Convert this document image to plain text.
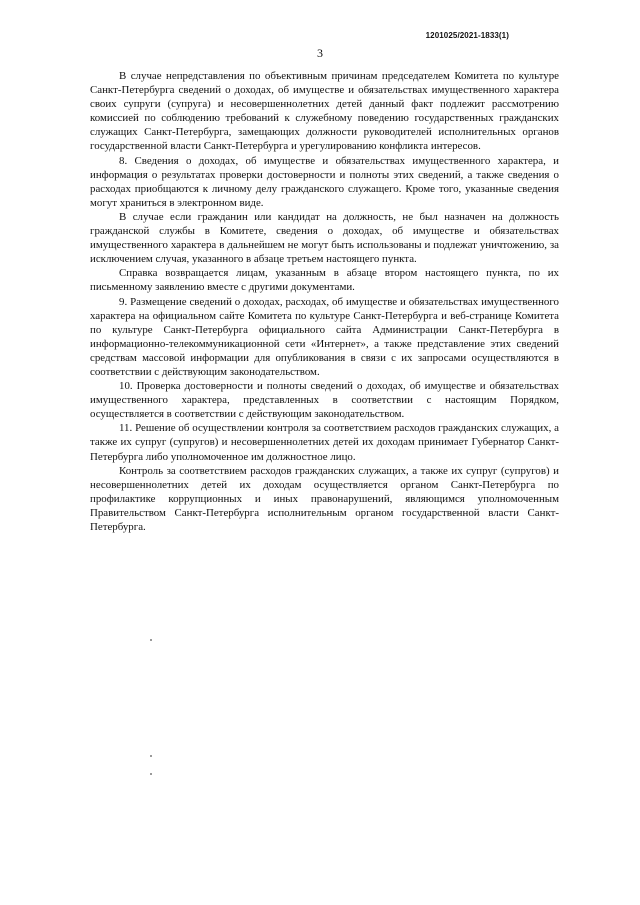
1201025/2021-1833(1)
3

В случае непредставления по объективным причинам председателем Комитета по культуре Санкт-Петербурга сведений о доходах, об имуществе и обязательствах имущественного характера своих супруги (супруга) и несовершеннолетних детей данный факт подлежит рассмотрению комиссией по соблюдению требований к служебному поведению государственных гражданских служащих Санкт-Петербурга, замещающих должности руководителей исполнительных органов государственной власти Санкт-Петербурга и урегулированию конфликта интересов.

8. Сведения о доходах, об имуществе и обязательствах имущественного характера, и информация о результатах проверки достоверности и полноты этих сведений, а также сведения о расходах приобщаются к личному делу гражданского служащего. Кроме того, указанные сведения могут храниться в электронном виде.

В случае если гражданин или кандидат на должность, не был назначен на должность гражданской службы в Комитете, сведения о доходах, об имуществе и обязательствах имущественного характера в дальнейшем не могут быть использованы и подлежат уничтожению, за исключением случая, указанного в абзаце третьем настоящего пункта.

Справка возвращается лицам, указанным в абзаце втором настоящего пункта, по их письменному заявлению вместе с другими документами.

9. Размещение сведений о доходах, расходах, об имуществе и обязательствах имущественного характера на официальном сайте Комитета по культуре Санкт-Петербурга и веб-странице Комитета по культуре Санкт-Петербурга официального сайта Администрации Санкт-Петербурга в информационно-телекоммуникационной сети «Интернет», а также представление этих сведений средствам массовой информации для опубликования в связи с их запросами осуществляются в соответствии с действующим законодательством.

10. Проверка достоверности и полноты сведений о доходах, об имуществе и обязательствах имущественного характера, представленных в соответствии с настоящим Порядком, осуществляется в соответствии с действующим законодательством.

11. Решение об осуществлении контроля за соответствием расходов гражданских служащих, а также их супруг (супругов) и несовершеннолетних детей их доходам принимает Губернатор Санкт-Петербурга либо уполномоченное им должностное лицо.

Контроль за соответствием расходов гражданских служащих, а также их супруг (супругов) и несовершеннолетних детей их доходам осуществляется органом Санкт-Петербурга по профилактике коррупционных и иных правонарушений, являющимся уполномоченным Правительством Санкт-Петербурга исполнительным органом государственной власти Санкт-Петербурга.
